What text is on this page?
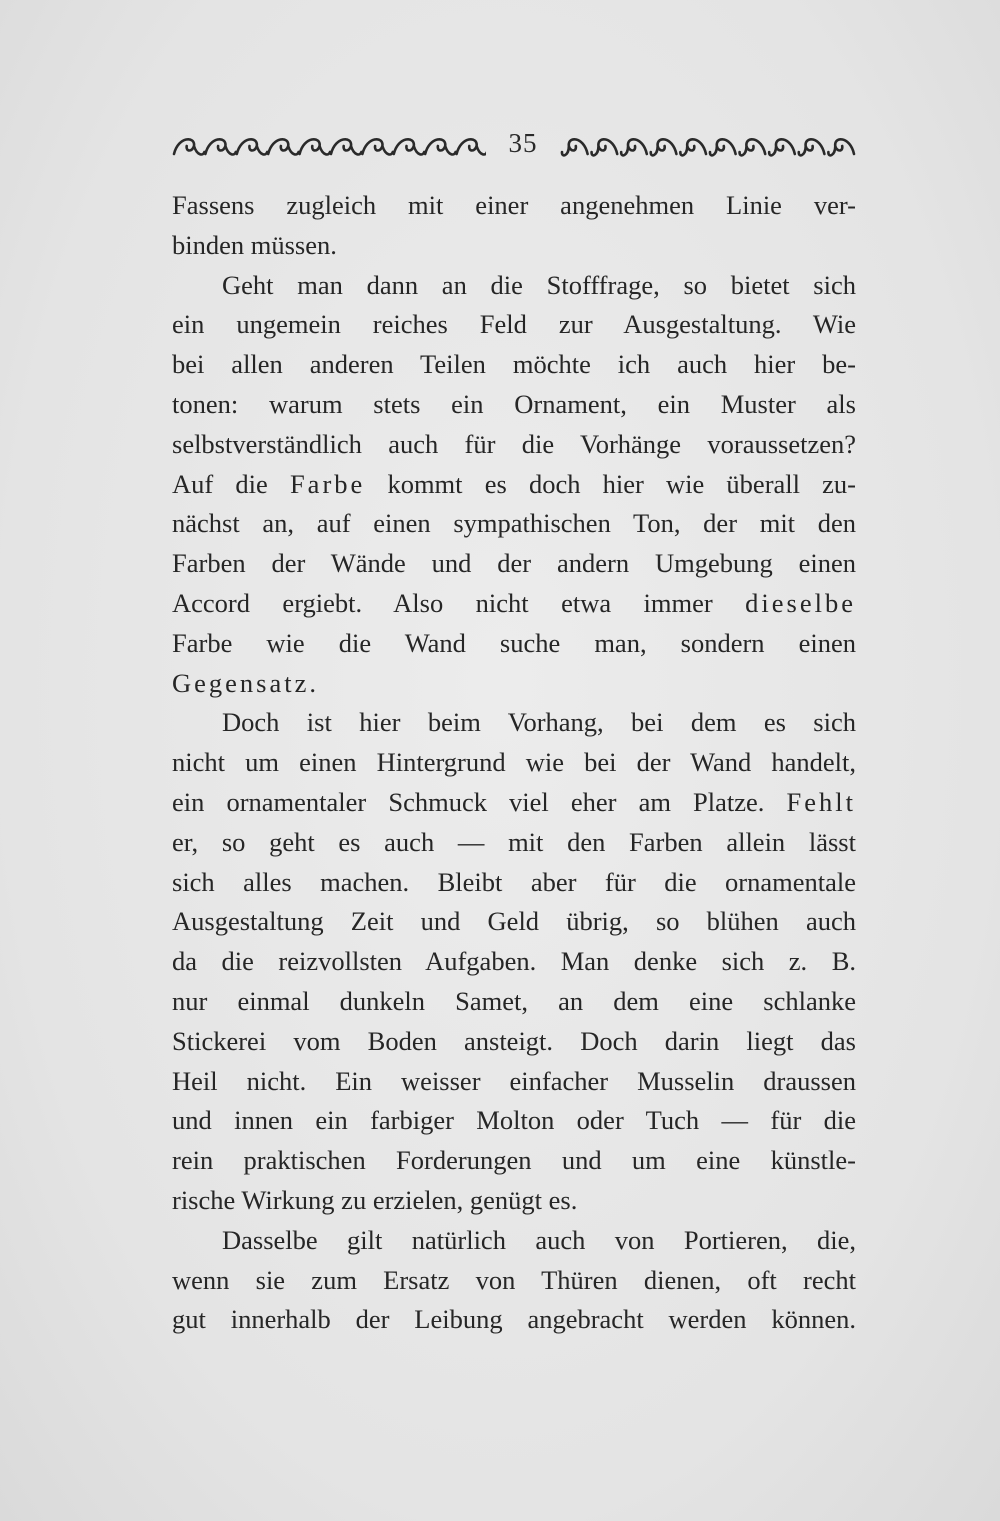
35
Fassens zugleich mit einer angenehmen Linie ver-
binden müssen.
Geht man dann an die Stofffrage, so bietet sich
ein ungemein reiches Feld zur Ausgestaltung. Wie
bei allen anderen Teilen möchte ich auch hier be-
tonen: warum stets ein Ornament, ein Muster als
selbstverständlich auch für die Vorhänge voraussetzen?
Auf die Farbe kommt es doch hier wie überall zu-
nächst an, auf einen sympathischen Ton, der mit den
Farben der Wände und der andern Umgebung einen
Accord ergiebt. Also nicht etwa immer dieselbe
Farbe wie die Wand suche man, sondern einen
Gegensatz.
Doch ist hier beim Vorhang, bei dem es sich
nicht um einen Hintergrund wie bei der Wand handelt,
ein ornamentaler Schmuck viel eher am Platze. Fehlt
er, so geht es auch — mit den Farben allein lässt
sich alles machen. Bleibt aber für die ornamentale
Ausgestaltung Zeit und Geld übrig, so blühen auch
da die reizvollsten Aufgaben. Man denke sich z. B.
nur einmal dunkeln Samet, an dem eine schlanke
Stickerei vom Boden ansteigt. Doch darin liegt das
Heil nicht. Ein weisser einfacher Musselin draussen
und innen ein farbiger Molton oder Tuch — für die
rein praktischen Forderungen und um eine künstle-
rische Wirkung zu erzielen, genügt es.
Dasselbe gilt natürlich auch von Portieren, die,
wenn sie zum Ersatz von Thüren dienen, oft recht
gut innerhalb der Leibung angebracht werden können.
